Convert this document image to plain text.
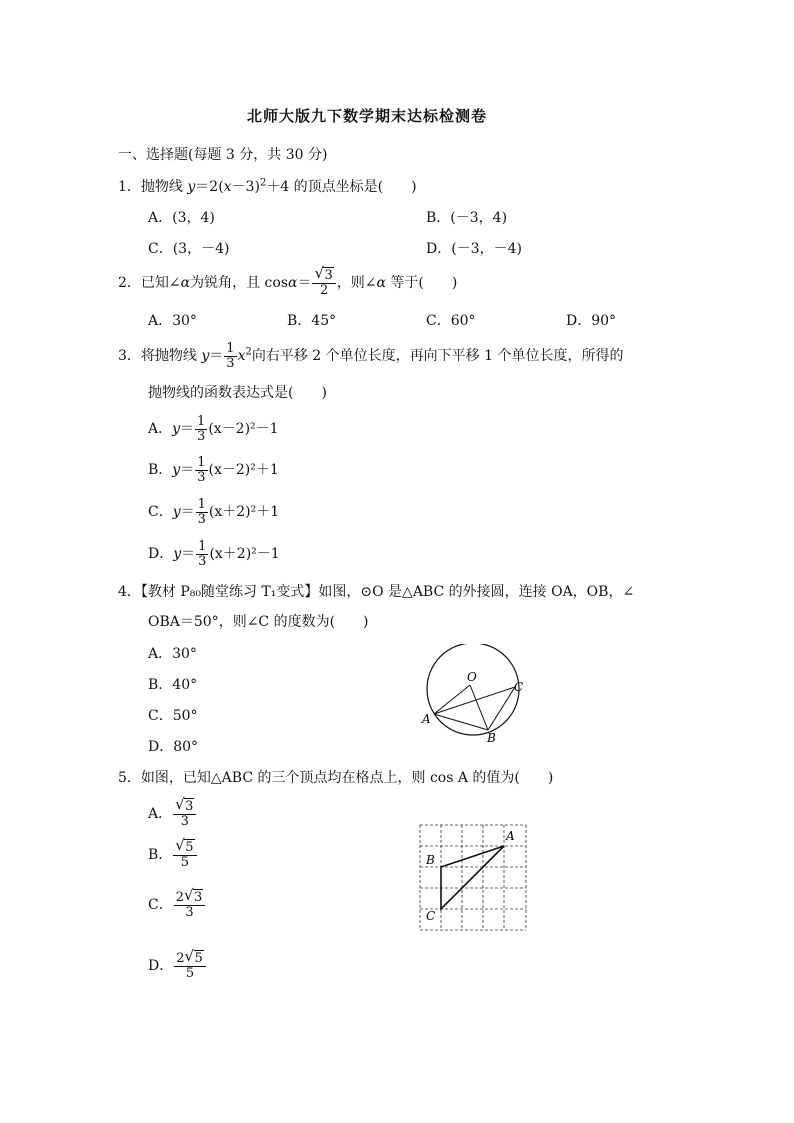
北师大版九下数学期末达标检测卷
一、选择题(每题 3 分，共 30 分)
1．抛物线 $y=2(x-3)^2+4$ 的顶点坐标是(　　)
A．(3，4)	B．(－3，4)
C．(3，－4)	D．(－3，－4)
2．已知∠α为锐角，且 $\cos\alpha= \frac{√ 3}{2}$ ，则∠α 等于(　　)
A．30°	B．45°	C．60°	D．90°
3．将抛物线 $y= \frac{1}{3} x^2$向右平移 2 个单位长度，再向下平移 1 个单位长度，所得的
抛物线的函数表达式是(　　)
A．$y= \frac{1}{3} (x-2)^2-1$
B．$y= \frac{1}{3} (x-2)^2+1$
C．$y= \frac{1}{3} (x+2)^2+1$
D．$y= \frac{1}{3} (x+2)^2-1$
4．【教材 P₈₀随堂练习 T₁变式】如图，⊙O 是△ABC 的外接圆，连接 OA，OB，∠
OBA＝50°，则∠C 的度数为(　　)
A．30°
B．40°
C．50°
D．80°
O
A
B
C
5．如图，已知△ABC 的三个顶点均在格点上，则 cos A 的值为(　　)
A． $\frac{√ 3}{3}$
B． $\frac{√ 5}{5}$
C． $\frac{2 √ 3}{3}$
D． $\frac{2 √ 5}{5}$
A
B
C
